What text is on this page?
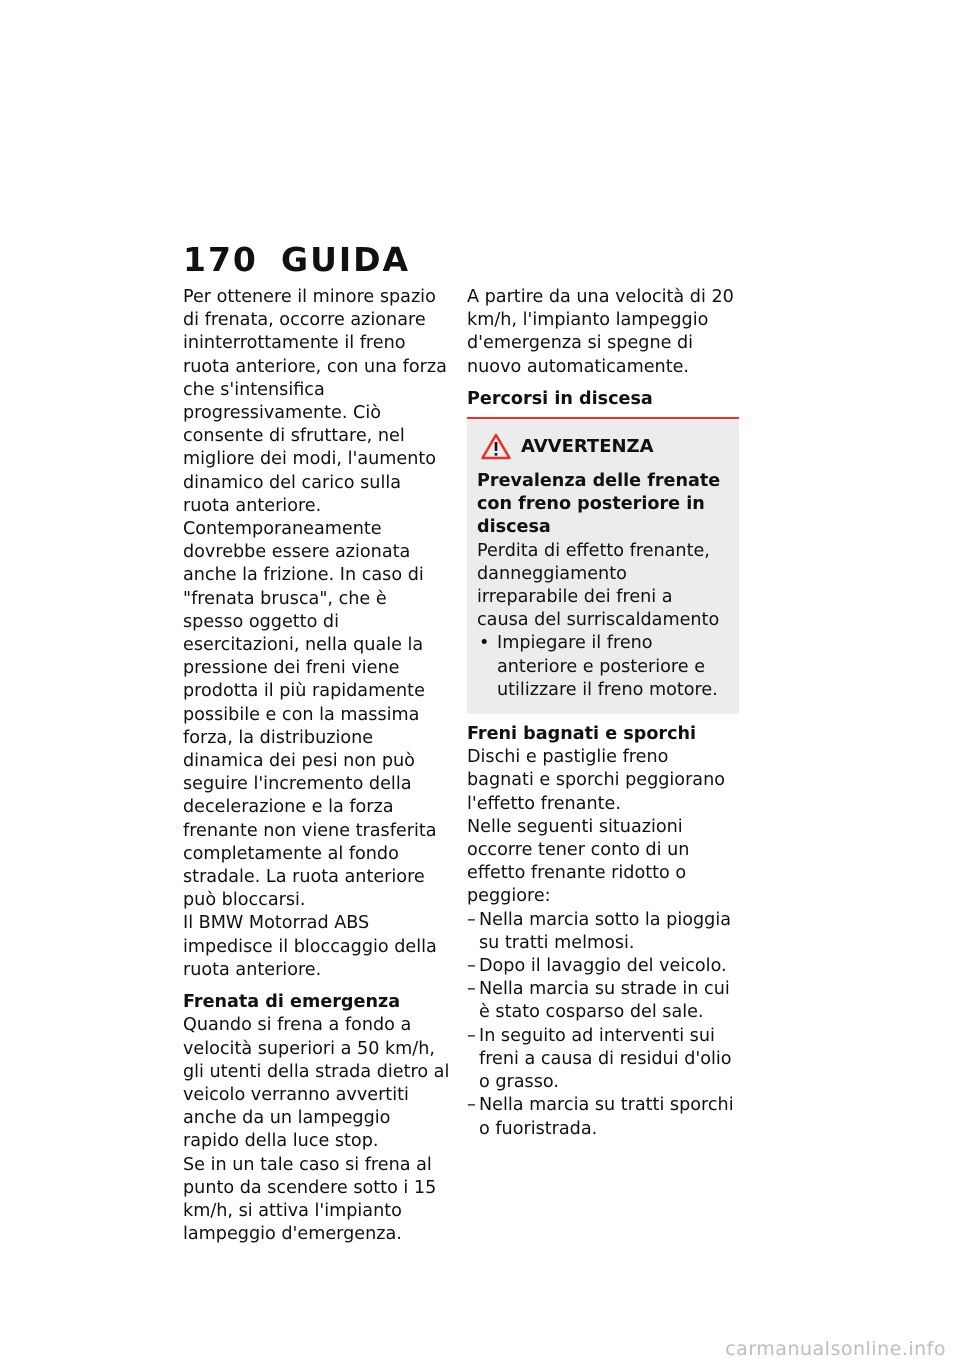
170 GUIDA

Per ottenere il minore spazio di frenata, occorre azionare ininterrottamente il freno ruota anteriore, con una forza che s'intensifica progressivamente. Ciò consente di sfruttare, nel migliore dei modi, l'aumento dinamico del carico sulla ruota anteriore. Contemporaneamente dovrebbe essere azionata anche la frizione. In caso di "frenata brusca", che è spesso oggetto di esercitazioni, nella quale la pressione dei freni viene prodotta il più rapidamente possibile e con la massima forza, la distribuzione dinamica dei pesi non può seguire l'incremento della decelerazione e la forza frenante non viene trasferita completamente al fondo stradale. La ruota anteriore può bloccarsi.

Il BMW Motorrad ABS impedisce il bloccaggio della ruota anteriore.

Frenata di emergenza

Quando si frena a fondo a velocità superiori a 50 km/h, gli utenti della strada dietro al veicolo verranno avvertiti anche da un lampeggio rapido della luce stop.

Se in un tale caso si frena al punto da scendere sotto i 15 km/h, si attiva l'impianto lampeggio d'emergenza.

A partire da una velocità di 20 km/h, l'impianto lampeggio d'emergenza si spegne di nuovo automaticamente.

Percorsi in discesa
AVVERTENZA

Prevalenza delle frenate con freno posteriore in discesa

Perdita di effetto frenante, danneggiamento irreparabile dei freni a causa del surriscaldamento

• Impiegare il freno anteriore e posteriore e utilizzare il freno motore.
Freni bagnati e sporchi

Dischi e pastiglie freno bagnati e sporchi peggiorano l'effetto frenante.

Nelle seguenti situazioni occorre tener conto di un effetto frenante ridotto o peggiore:

– Nella marcia sotto la pioggia su tratti melmosi.
– Dopo il lavaggio del veicolo.
– Nella marcia su strade in cui è stato cosparso del sale.
– In seguito ad interventi sui freni a causa di residui d'olio o grasso.
– Nella marcia su tratti sporchi o fuoristrada.
carmanualsonline.info
